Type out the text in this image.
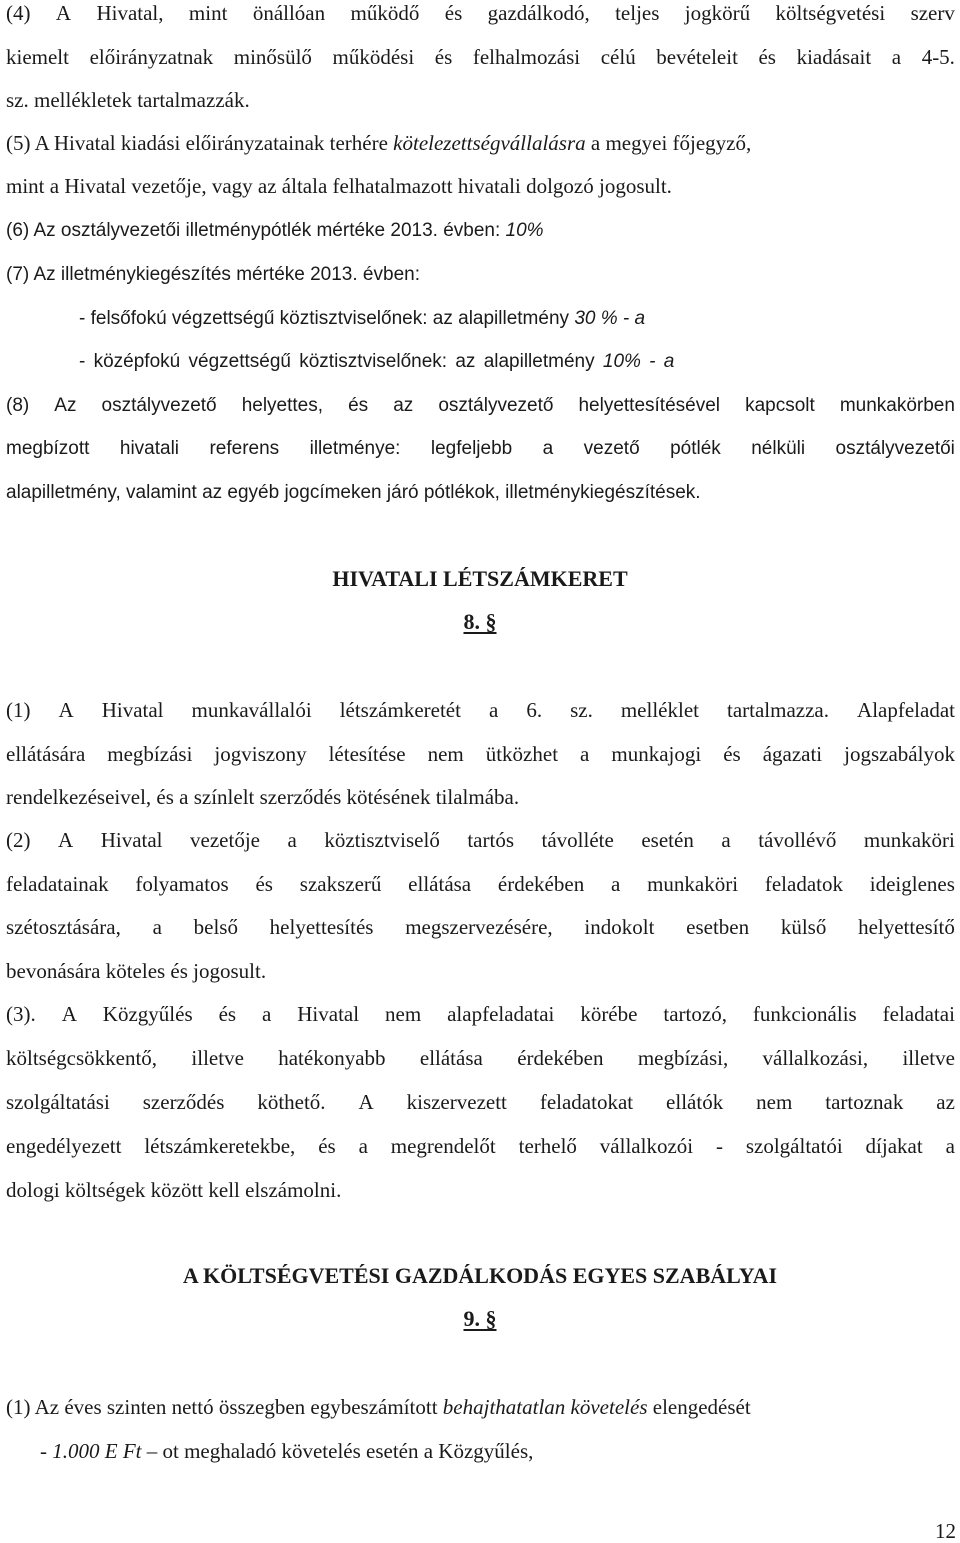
(4) A Hivatal, mint önállóan működő és gazdálkodó, teljes jogkörű költségvetési szerv
kiemelt előirányzatnak minősülő működési és felhalmozási célú bevételeit és kiadásait a 4-5.
sz. mellékletek tartalmazzák.
(5) A Hivatal kiadási előirányzatainak terhére kötelezettségvállalásra a megyei főjegyző,
mint a Hivatal vezetője, vagy az általa felhatalmazott hivatali dolgozó jogosult.
(6) Az osztályvezetői illetménypótlék mértéke 2013. évben: 10%
(7) Az illetménykiegészítés mértéke 2013. évben:
- felsőfokú végzettségű köztisztviselőnek: az alapilletmény 30 % - a
- középfokú végzettségű köztisztviselőnek: az alapilletmény 10% - a
(8) Az osztályvezető helyettes, és az osztályvezető helyettesítésével kapcsolt munkakörben
megbízott hivatali referens illetménye: legfeljebb a vezető pótlék nélküli osztályvezetői
alapilletmény, valamint az egyéb jogcímeken járó pótlékok, illetménykiegészítések.
HIVATALI LÉTSZÁMKERET
8. §
(1) A Hivatal munkavállalói létszámkeretét a 6. sz. melléklet tartalmazza. Alapfeladat
ellátására megbízási jogviszony létesítése nem ütközhet a munkajogi és ágazati jogszabályok
rendelkezéseivel, és a színlelt szerződés kötésének tilalmába.
(2) A Hivatal vezetője a köztisztviselő tartós távolléte esetén a távollévő munkaköri
feladatainak folyamatos és szakszerű ellátása érdekében a munkaköri feladatok ideiglenes
szétosztására, a belső helyettesítés megszervezésére, indokolt esetben külső helyettesítő
bevonására köteles és jogosult.
(3). A Közgyűlés és a Hivatal nem alapfeladatai körébe tartozó, funkcionális feladatai
költségcsökkentő, illetve hatékonyabb ellátása érdekében megbízási, vállalkozási, illetve
szolgáltatási szerződés köthető. A kiszervezett feladatokat ellátók nem tartoznak az
engedélyezett létszámkeretekbe, és a megrendelőt terhelő vállalkozói - szolgáltatói díjakat a
dologi költségek között kell elszámolni.
A KÖLTSÉGVETÉSI GAZDÁLKODÁS EGYES SZABÁLYAI
9. §
(1) Az éves szinten nettó összegben egybeszámított behajthatatlan követelés elengedését
- 1.000 E Ft – ot meghaladó követelés esetén a Közgyűlés,
12
